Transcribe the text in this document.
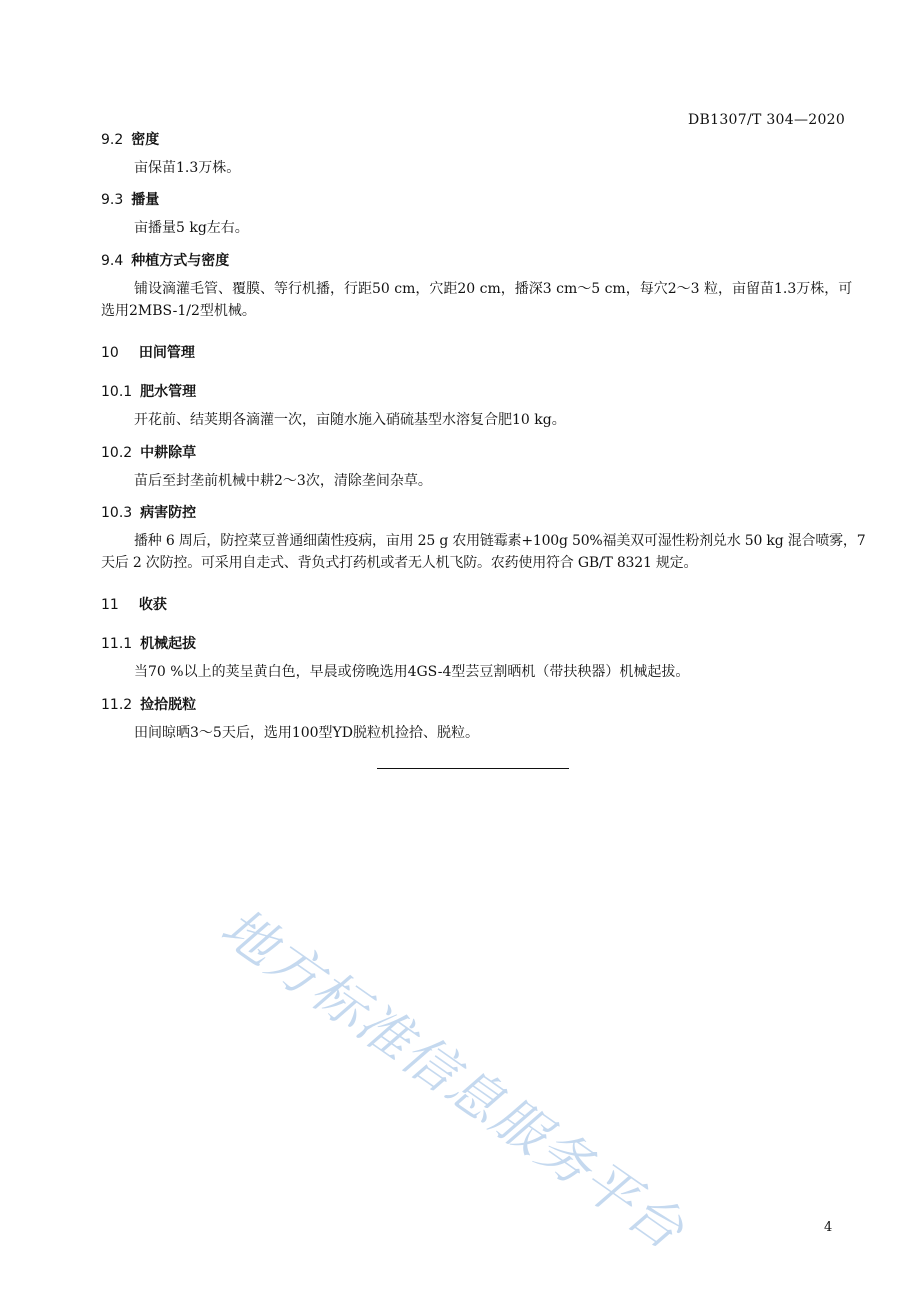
DB1307/T 304—2020
9.2 密度
亩保苗1.3万株。
9.3 播量
亩播量5 kg左右。
9.4 种植方式与密度
铺设滴灌毛管、覆膜、等行机播，行距50 cm，穴距20 cm，播深3 cm～5 cm，每穴2～3 粒，亩留苗1.3万株，可选用2MBS-1/2型机械。
10 田间管理
10.1 肥水管理
开花前、结荚期各滴灌一次，亩随水施入硝硫基型水溶复合肥10 kg。
10.2 中耕除草
苗后至封垄前机械中耕2～3次，清除垄间杂草。
10.3 病害防控
播种 6 周后，防控菜豆普通细菌性疫病，亩用 25 g 农用链霉素+100g 50%福美双可湿性粉剂兑水 50 kg 混合喷雾，7 天后 2 次防控。可采用自走式、背负式打药机或者无人机飞防。农药使用符合 GB/T 8321 规定。
11 收获
11.1 机械起拔
当70 %以上的荚呈黄白色，早晨或傍晚选用4GS-4型芸豆割晒机（带扶秧器）机械起拔。
11.2 捡拾脱粒
田间晾晒3～5天后，选用100型YD脱粒机捡拾、脱粒。
地方标准信息服务平台	4
